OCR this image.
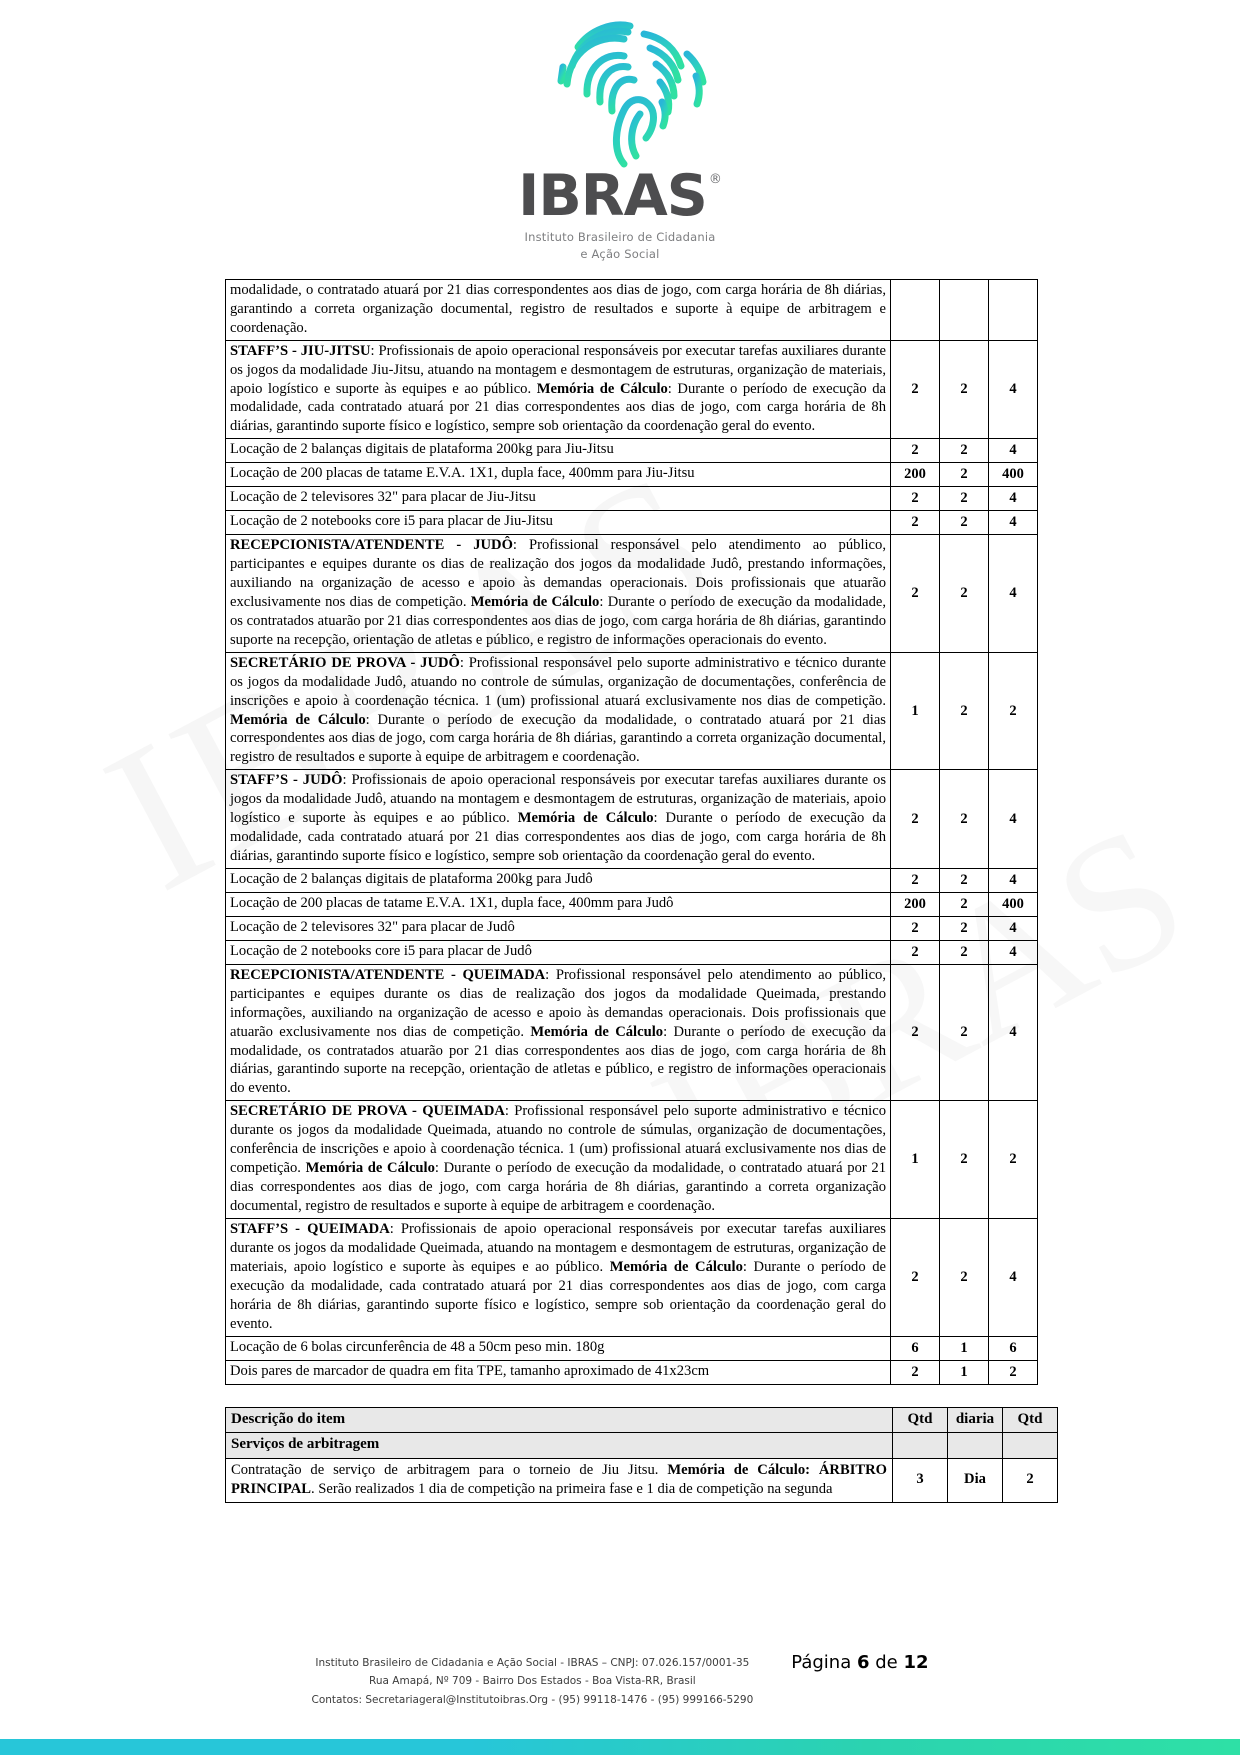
IBRAS ®
Instituto Brasileiro de Cidadania
e Ação Social
modalidade, o contratado atuará por 21 dias correspondentes aos dias de jogo, com carga horária de 8h diárias, garantindo a correta organização documental, registro de resultados e suporte à equipe de arbitragem e coordenação.			
STAFF’S - JIU-JITSU: Profissionais de apoio operacional responsáveis por executar tarefas auxiliares durante os jogos da modalidade Jiu-Jitsu, atuando na montagem e desmontagem de estruturas, organização de materiais, apoio logístico e suporte às equipes e ao público. Memória de Cálculo: Durante o período de execução da modalidade, cada contratado atuará por 21 dias correspondentes aos dias de jogo, com carga horária de 8h diárias, garantindo suporte físico e logístico, sempre sob orientação da coordenação geral do evento.	2	2	4
Locação de 2 balanças digitais de plataforma 200kg para Jiu-Jitsu	2	2	4
Locação de 200 placas de tatame E.V.A. 1X1, dupla face, 400mm para Jiu-Jitsu	200	2	400
Locação de 2 televisores 32" para placar de Jiu-Jitsu	2	2	4
Locação de 2 notebooks core i5 para placar de Jiu-Jitsu	2	2	4
RECEPCIONISTA/ATENDENTE - JUDÔ: Profissional responsável pelo atendimento ao público, participantes e equipes durante os dias de realização dos jogos da modalidade Judô, prestando informações, auxiliando na organização de acesso e apoio às demandas operacionais. Dois profissionais que atuarão exclusivamente nos dias de competição. Memória de Cálculo: Durante o período de execução da modalidade, os contratados atuarão por 21 dias correspondentes aos dias de jogo, com carga horária de 8h diárias, garantindo suporte na recepção, orientação de atletas e público, e registro de informações operacionais do evento.	2	2	4
SECRETÁRIO DE PROVA - JUDÔ: Profissional responsável pelo suporte administrativo e técnico durante os jogos da modalidade Judô, atuando no controle de súmulas, organização de documentações, conferência de inscrições e apoio à coordenação técnica. 1 (um) profissional atuará exclusivamente nos dias de competição. Memória de Cálculo: Durante o período de execução da modalidade, o contratado atuará por 21 dias correspondentes aos dias de jogo, com carga horária de 8h diárias, garantindo a correta organização documental, registro de resultados e suporte à equipe de arbitragem e coordenação.	1	2	2
STAFF’S - JUDÔ: Profissionais de apoio operacional responsáveis por executar tarefas auxiliares durante os jogos da modalidade Judô, atuando na montagem e desmontagem de estruturas, organização de materiais, apoio logístico e suporte às equipes e ao público. Memória de Cálculo: Durante o período de execução da modalidade, cada contratado atuará por 21 dias correspondentes aos dias de jogo, com carga horária de 8h diárias, garantindo suporte físico e logístico, sempre sob orientação da coordenação geral do evento.	2	2	4
Locação de 2 balanças digitais de plataforma 200kg para Judô	2	2	4
Locação de 200 placas de tatame E.V.A. 1X1, dupla face, 400mm para Judô	200	2	400
Locação de 2 televisores 32" para placar de Judô	2	2	4
Locação de 2 notebooks core i5 para placar de Judô	2	2	4
RECEPCIONISTA/ATENDENTE - QUEIMADA: Profissional responsável pelo atendimento ao público, participantes e equipes durante os dias de realização dos jogos da modalidade Queimada, prestando informações, auxiliando na organização de acesso e apoio às demandas operacionais. Dois profissionais que atuarão exclusivamente nos dias de competição. Memória de Cálculo: Durante o período de execução da modalidade, os contratados atuarão por 21 dias correspondentes aos dias de jogo, com carga horária de 8h diárias, garantindo suporte na recepção, orientação de atletas e público, e registro de informações operacionais do evento.	2	2	4
SECRETÁRIO DE PROVA - QUEIMADA: Profissional responsável pelo suporte administrativo e técnico durante os jogos da modalidade Queimada, atuando no controle de súmulas, organização de documentações, conferência de inscrições e apoio à coordenação técnica. 1 (um) profissional atuará exclusivamente nos dias de competição. Memória de Cálculo: Durante o período de execução da modalidade, o contratado atuará por 21 dias correspondentes aos dias de jogo, com carga horária de 8h diárias, garantindo a correta organização documental, registro de resultados e suporte à equipe de arbitragem e coordenação.	1	2	2
STAFF’S - QUEIMADA: Profissionais de apoio operacional responsáveis por executar tarefas auxiliares durante os jogos da modalidade Queimada, atuando na montagem e desmontagem de estruturas, organização de materiais, apoio logístico e suporte às equipes e ao público. Memória de Cálculo: Durante o período de execução da modalidade, cada contratado atuará por 21 dias correspondentes aos dias de jogo, com carga horária de 8h diárias, garantindo suporte físico e logístico, sempre sob orientação da coordenação geral do evento.	2	2	4
Locação de 6 bolas circunferência de 48 a 50cm peso min. 180g	6	1	6
Dois pares de marcador de quadra em fita TPE, tamanho aproximado de 41x23cm	2	1	2
Descrição do item	Qtd	diaria	Qtd
Serviços de arbitragem			
Contratação de serviço de arbitragem para o torneio de Jiu Jitsu. Memória de Cálculo: ÁRBITRO PRINCIPAL. Serão realizados 1 dia de competição na primeira fase e 1 dia de competição na segunda	3	Dia	2
Instituto Brasileiro de Cidadania e Ação Social - IBRAS – CNPJ: 07.026.157/0001-35
Rua Amapá, Nº 709 - Bairro Dos Estados - Boa Vista-RR, Brasil
Contatos: Secretariageral@Institutoibras.Org - (95) 99118-1476 - (95) 999166-5290
Página 6 de 12
